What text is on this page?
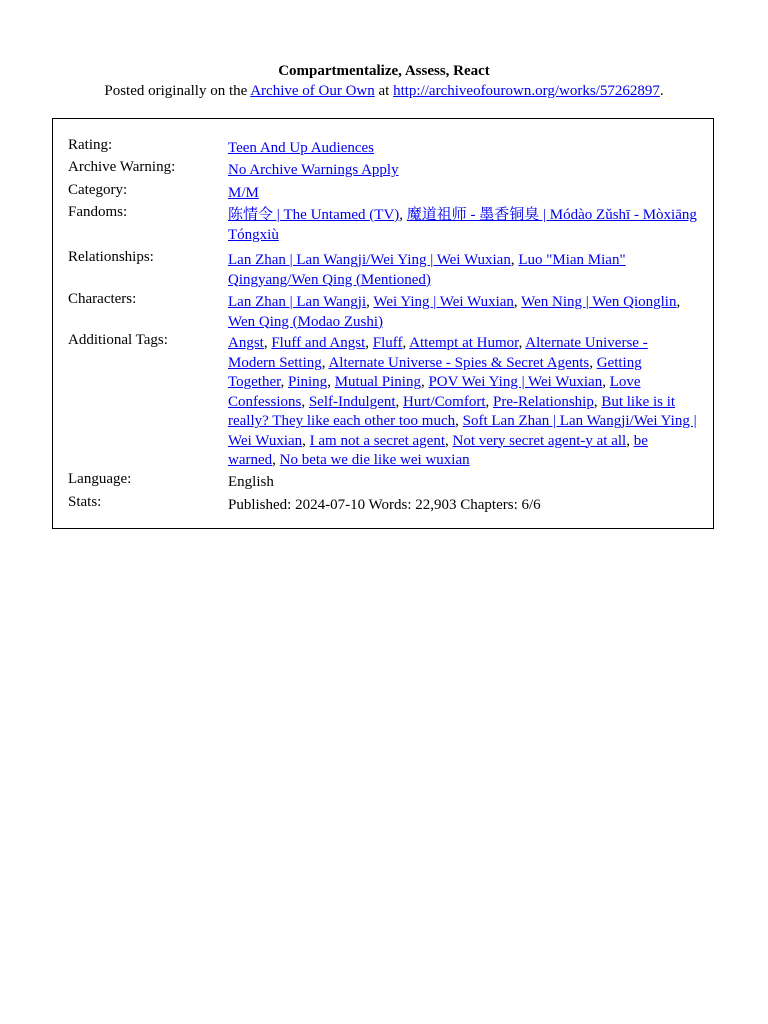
Compartmentalize, Assess, React
Posted originally on the Archive of Our Own at http://archiveofourown.org/works/57262897.
Rating:	Teen And Up Audiences
Archive Warning:	No Archive Warnings Apply
Category:	M/M
Fandoms:	陈情令 | The Untamed (TV), 魔道祖师 - 墨香铜臭 | Módào Zǔshī - Mòxiāng Tóngxiù
Relationships:	Lan Zhan | Lan Wangji/Wei Ying | Wei Wuxian, Luo "Mian Mian" Qingyang/Wen Qing (Mentioned)
Characters:	Lan Zhan | Lan Wangji, Wei Ying | Wei Wuxian, Wen Ning | Wen Qionglin, Wen Qing (Modao Zushi)
Additional Tags:	Angst, Fluff and Angst, Fluff, Attempt at Humor, Alternate Universe - Modern Setting, Alternate Universe - Spies & Secret Agents, Getting Together, Pining, Mutual Pining, POV Wei Ying | Wei Wuxian, Love Confessions, Self-Indulgent, Hurt/Comfort, Pre-Relationship, But like is it really? They like each other too much, Soft Lan Zhan | Lan Wangji/Wei Ying | Wei Wuxian, I am not a secret agent, Not very secret agent-y at all, be warned, No beta we die like wei wuxian
Language:	English
Stats:	Published: 2024-07-10 Words: 22,903 Chapters: 6/6
